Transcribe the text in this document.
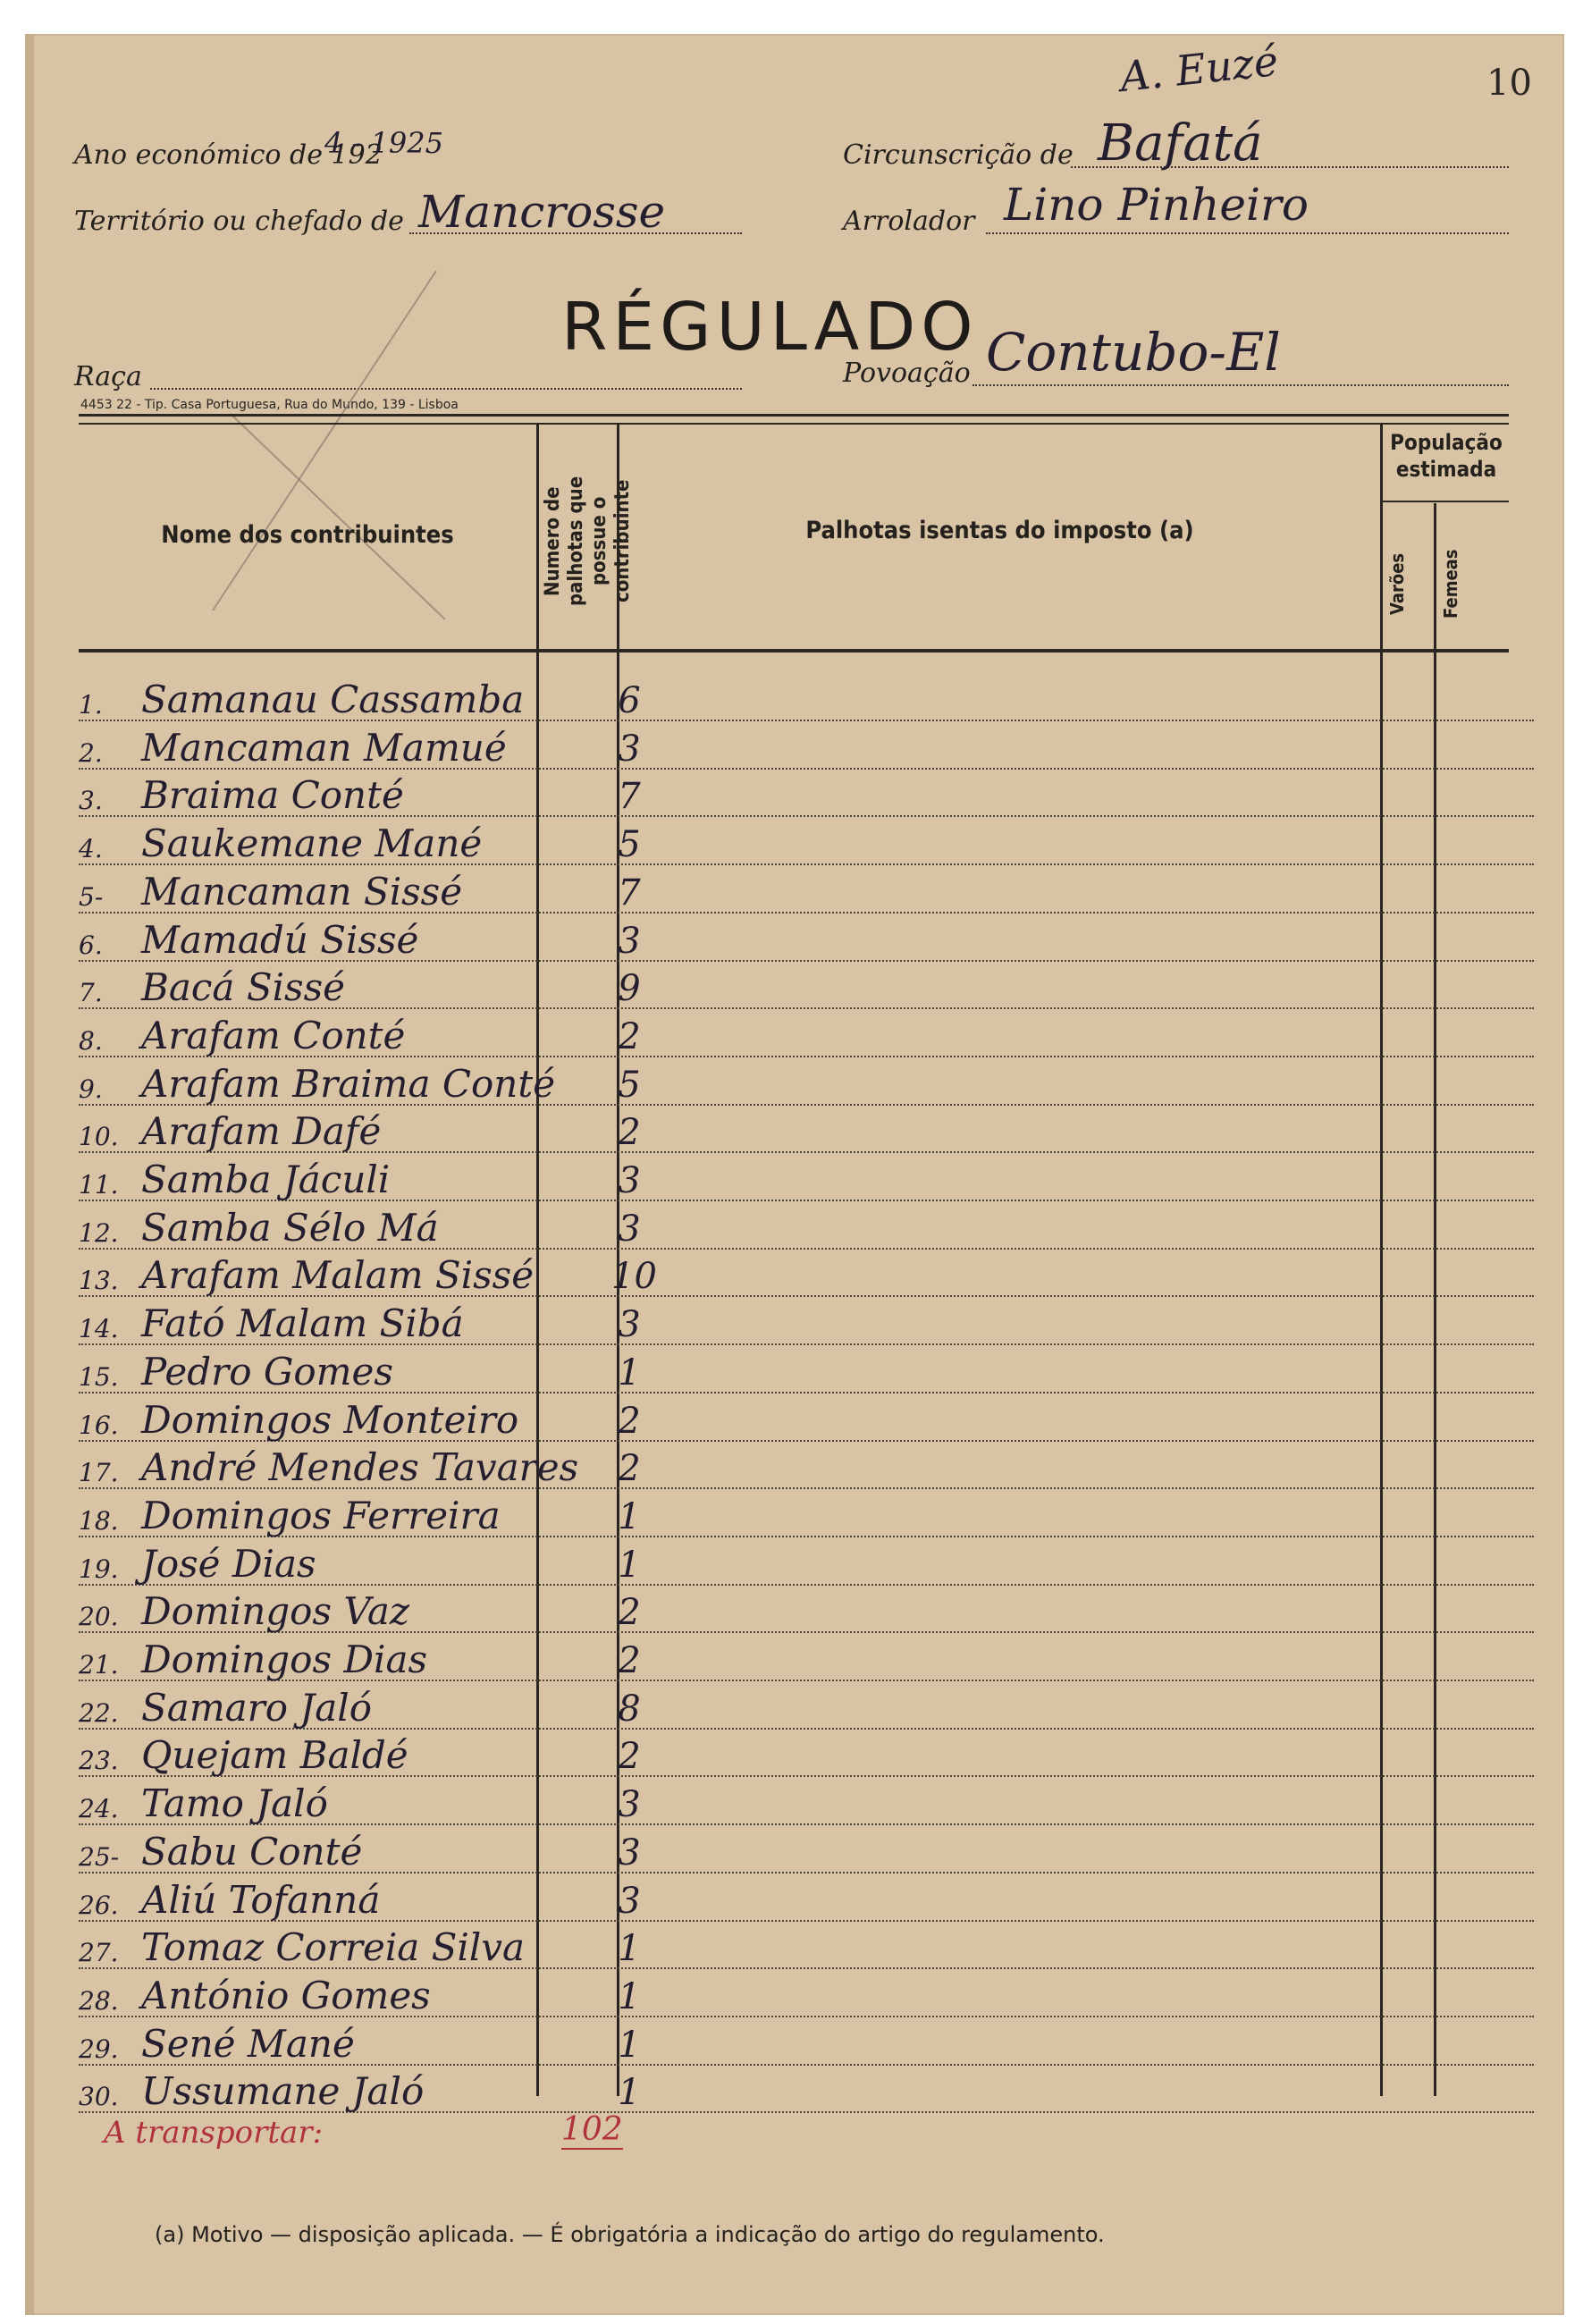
10
A. Euzé
Ano económico de 192
4 - 1925
Território ou chefado de Mancrosse
Circunscrição de Bafatá
Arrolador Lino Pinheiro
RÉGULADO
Raça	Povoação Contubo-El
4453 22 - Tip. Casa Portuguesa, Rua do Mundo, 139 - Lisboa
Nome dos contribuintes	Numero de palhotas que possue o contribuinte	Palhotas isentas do imposto (a)
População estimada
Varões	Femeas
1. Samanau Cassamba	6
2. Mancaman Mamué	3
3. Braima Conté	7
4. Saukemane Mané	5
5- Mancaman Sissé	7
6. Mamadú Sissé	3
7. Bacá Sissé	9
8. Arafam Conté	2
9. Arafam Braima Conté 5
10. Arafam Dafé	2
11. Samba Jáculi	3
12. Samba Sélo Má	3
13. Arafam Malam Sissé 10
14. Fató Malam Sibá	3
15. Pedro Gomes	1
16. Domingos Monteiro	2
17. André Mendes Tavares 2
18. Domingos Ferreira	1
19. José Dias	1
20. Domingos Vaz	2
21. Domingos Dias	2
22. Samaro Jaló	8
23. Quejam Baldé	2
24. Tamo Jaló	3
25- Sabu Conté	3
26. Aliú Tofanná	3
27. Tomaz Correia Silva	1
28. António Gomes	1
29. Sené Mané	1
30. Ussumane Jaló	1
A transportar:	102
(a) Motivo — disposição aplicada. — É obrigatória a indicação do artigo do regulamento.
